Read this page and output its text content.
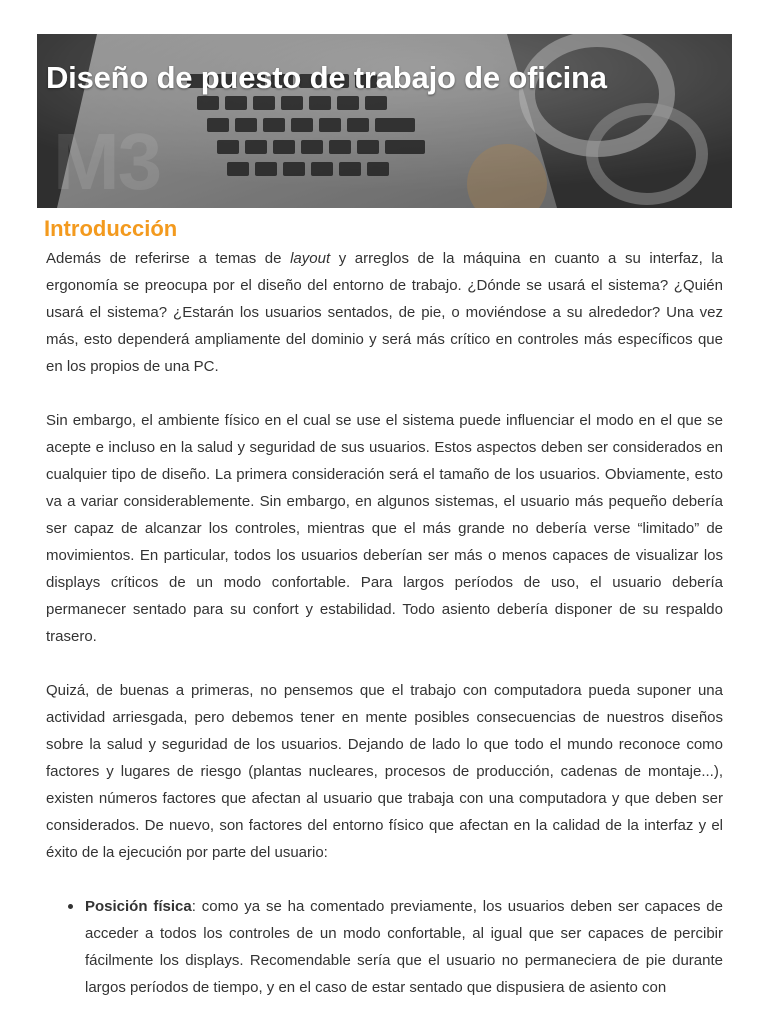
M3
Diseño de puesto de trabajo de oficina
Introducción

Además de referirse a temas de layout y arreglos de la máquina en cuanto a su interfaz, la ergonomía se preocupa por el diseño del entorno de trabajo. ¿Dónde se usará el sistema? ¿Quién usará el sistema? ¿Estarán los usuarios sentados, de pie, o moviéndose a su alrededor? Una vez más, esto dependerá ampliamente del dominio y será más crítico en controles más específicos que en los propios de una PC.

Sin embargo, el ambiente físico en el cual se use el sistema puede influenciar el modo en el que se acepte e incluso en la salud y seguridad de sus usuarios. Estos aspectos deben ser considerados en cualquier tipo de diseño. La primera consideración será el tamaño de los usuarios. Obviamente, esto va a variar considerablemente. Sin embargo, en algunos sistemas, el usuario más pequeño debería ser capaz de alcanzar los controles, mientras que el más grande no debería verse “limitado” de movimientos. En particular, todos los usuarios deberían ser más o menos capaces de visualizar los displays críticos de un modo confortable. Para largos períodos de uso, el usuario debería permanecer sentado para su confort y estabilidad. Todo asiento debería disponer de su respaldo trasero.

Quizá, de buenas a primeras, no pensemos que el trabajo con computadora pueda suponer una actividad arriesgada, pero debemos tener en mente posibles consecuencias de nuestros diseños sobre la salud y seguridad de los usuarios. Dejando de lado lo que todo el mundo reconoce como factores y lugares de riesgo (plantas nucleares, procesos de producción, cadenas de montaje...), existen números factores que afectan al usuario que trabaja con una computadora y que deben ser considerados. De nuevo, son factores del entorno físico que afectan en la calidad de la interfaz y el éxito de la ejecución por parte del usuario:

Posición física: como ya se ha comentado previamente, los usuarios deben ser capaces de acceder a todos los controles de un modo confortable, al igual que ser capaces de percibir fácilmente los displays. Recomendable sería que el usuario no permaneciera de pie durante largos períodos de tiempo, y en el caso de estar sentado que dispusiera de asiento con
